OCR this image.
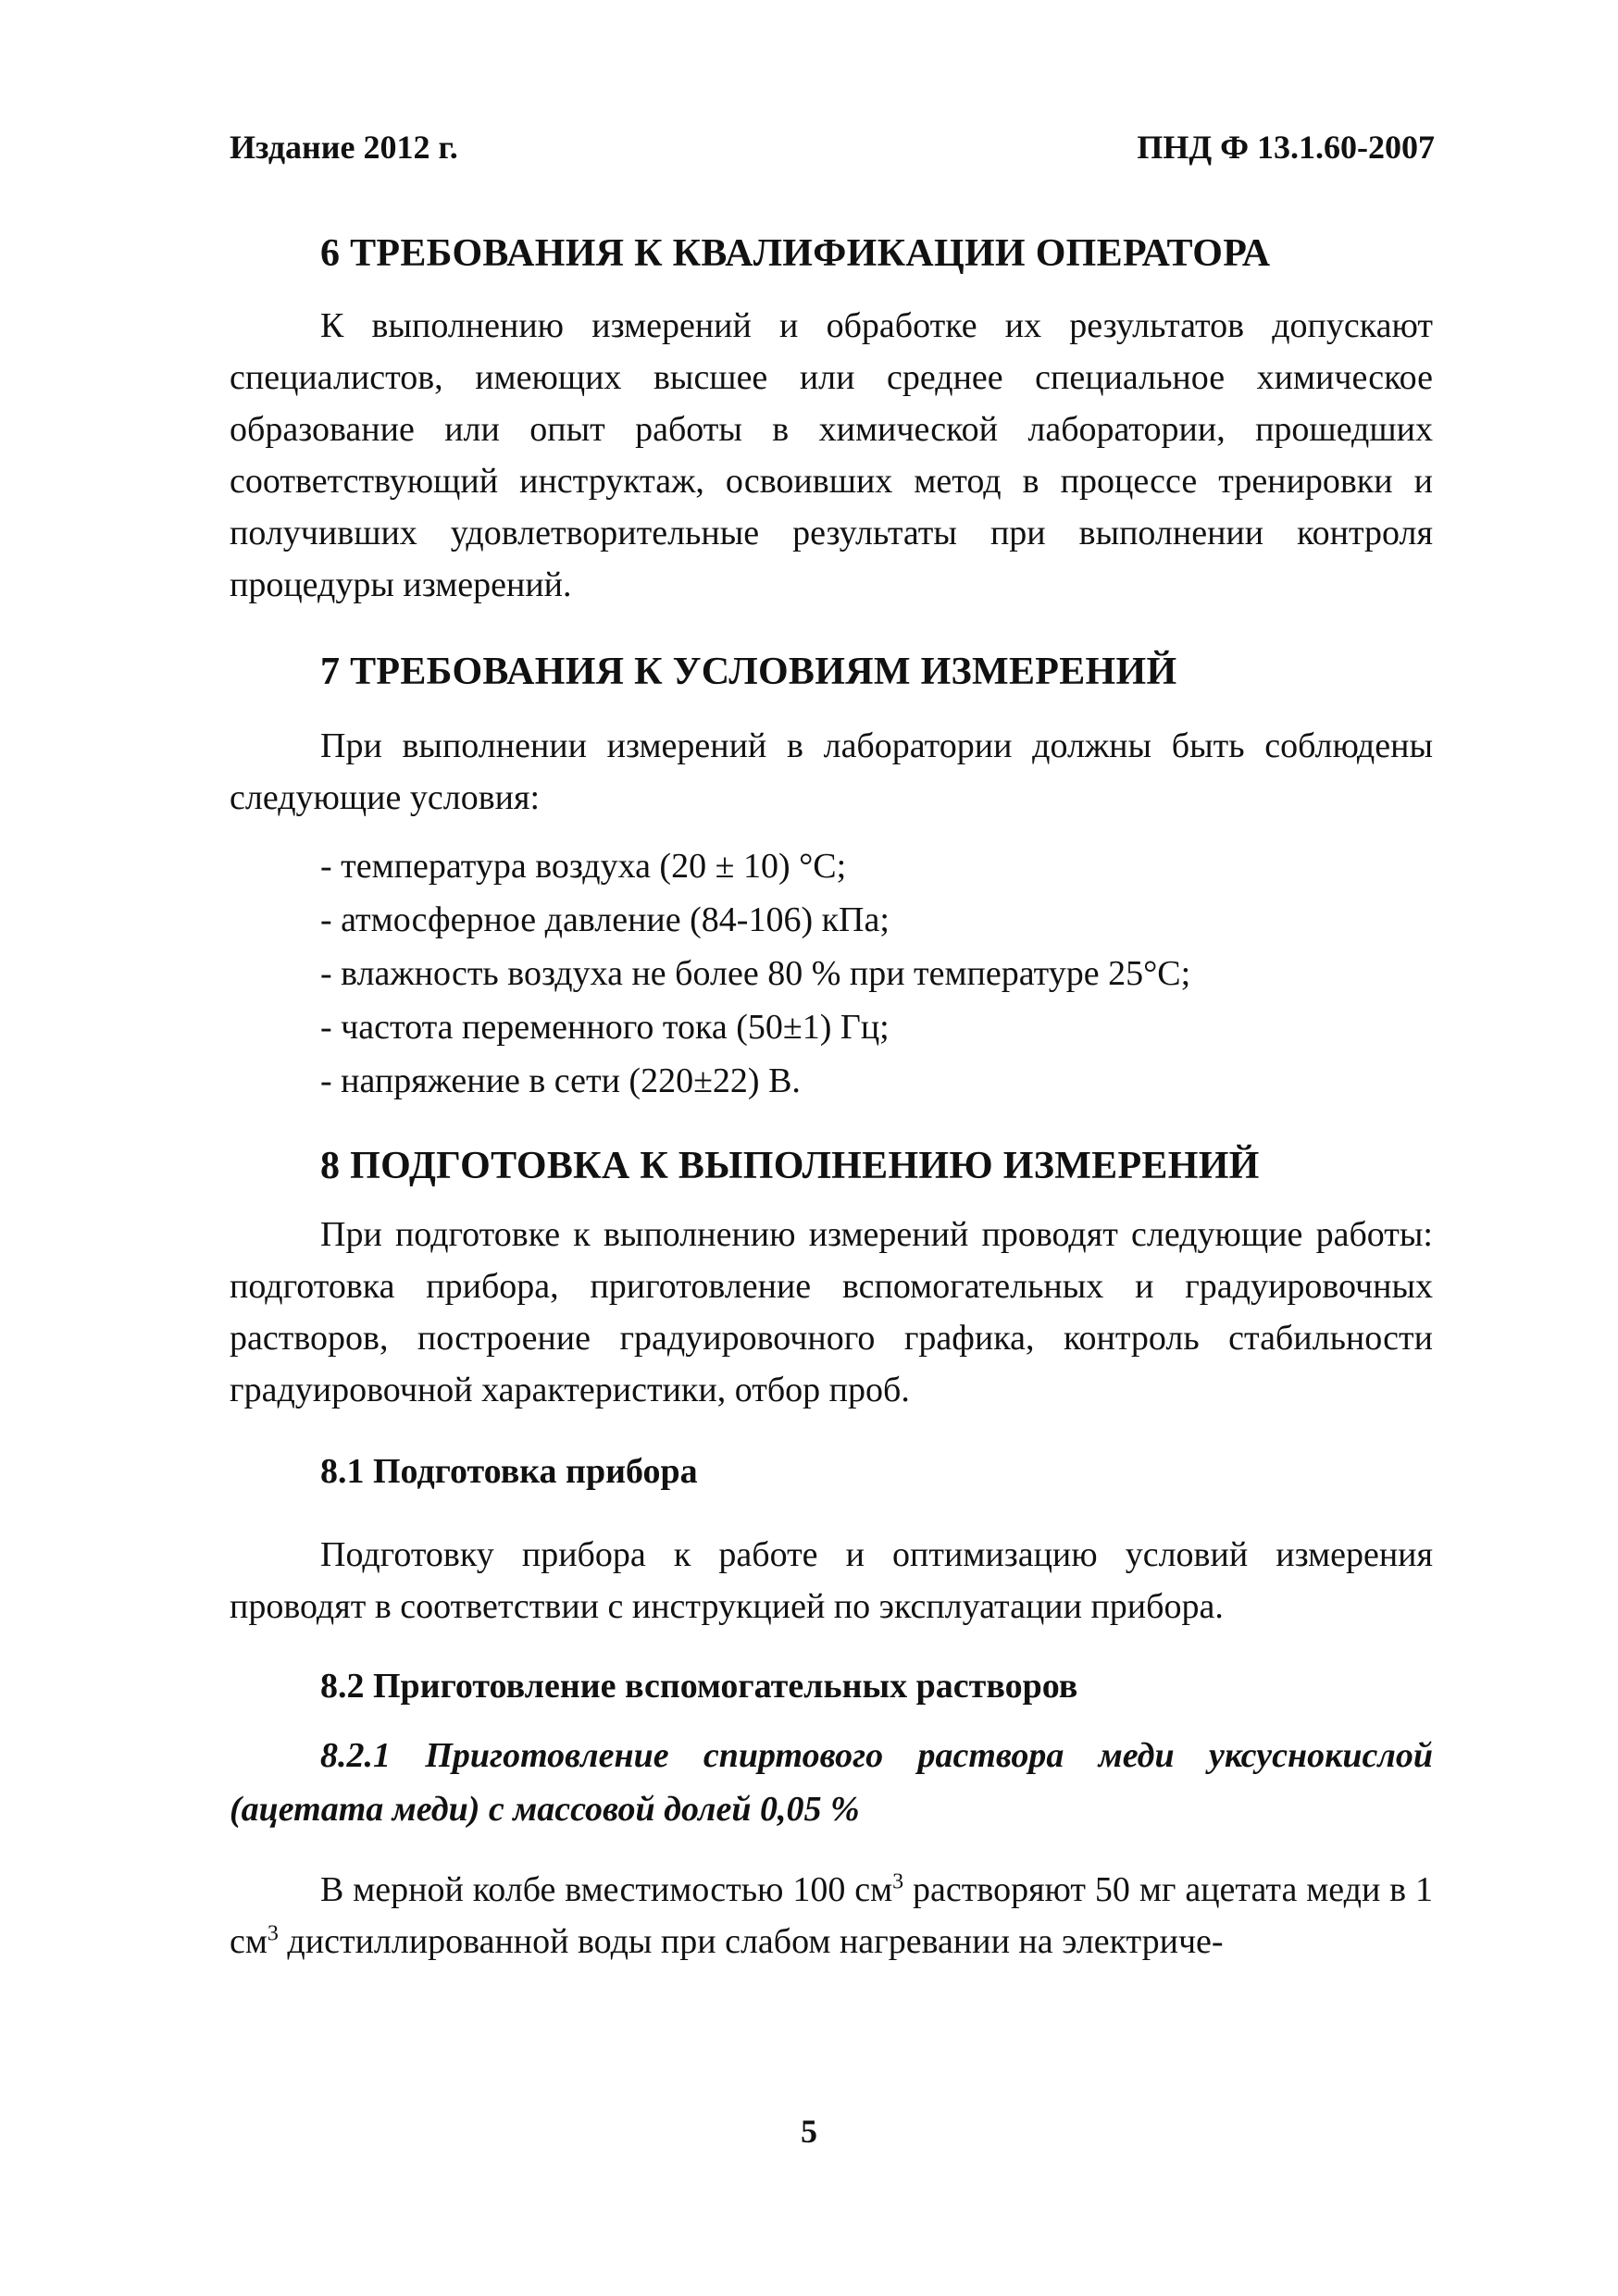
Издание 2012 г.	ПНД Ф 13.1.60-2007
6 ТРЕБОВАНИЯ К КВАЛИФИКАЦИИ ОПЕРАТОРА
К выполнению измерений и обработке их результатов допускают специалистов, имеющих высшее или среднее специальное химическое образование или опыт работы в химической лаборатории, прошедших соответствующий инструктаж, освоивших метод в процессе тренировки и получивших удовлетворительные результаты при выполнении контроля процедуры измерений.
7 ТРЕБОВАНИЯ К УСЛОВИЯМ ИЗМЕРЕНИЙ
При выполнении измерений в лаборатории должны быть соблюдены следующие условия:
- температура воздуха (20 ± 10) °С;
- атмосферное давление (84-106) кПа;
- влажность воздуха не более 80 % при температуре 25°С;
- частота переменного тока (50±1) Гц;
- напряжение в сети (220±22) В.
8 ПОДГОТОВКА К ВЫПОЛНЕНИЮ ИЗМЕРЕНИЙ
При подготовке к выполнению измерений проводят следующие работы: подготовка прибора, приготовление вспомогательных и градуировочных растворов, построение градуировочного графика, контроль стабильности градуировочной характеристики, отбор проб.
8.1 Подготовка прибора
Подготовку прибора к работе и оптимизацию условий измерения проводят в соответствии с инструкцией по эксплуатации прибора.
8.2 Приготовление вспомогательных растворов
8.2.1 Приготовление спиртового раствора меди уксуснокислой (ацетата меди) с массовой долей 0,05 %
В мерной колбе вместимостью 100 $см^3$ растворяют 50 мг ацетата меди в 1 $см^3$ дистиллированной воды при слабом нагревании на электриче-
5
